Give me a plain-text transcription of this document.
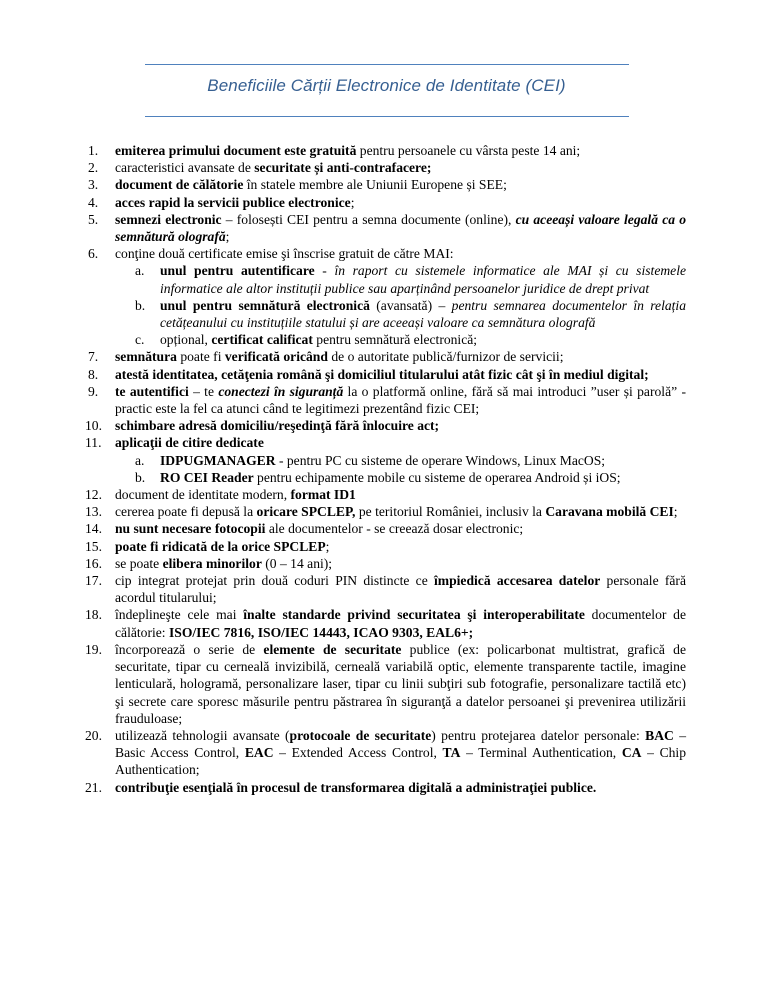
Beneficiile Cărții Electronice de Identitate (CEI)
1.	emiterea primului document este gratuită pentru persoanele cu vârsta peste 14 ani;
2.	caracteristici avansate de securitate și anti-contrafacere;
3.	document de călătorie în statele membre ale Uniunii Europene și SEE;
4.	acces rapid la servicii publice electronice;
5.	semnezi electronic – folosești CEI pentru a semna documente (online), cu aceeași valoare legală ca o semnătură olografă;
6.	conţine două certificate emise şi înscrise gratuit de către MAI:
a. unul pentru autentificare - în raport cu sistemele informatice ale MAI și cu sistemele informatice ale altor instituții publice sau aparținând persoanelor juridice de drept privat
b. unul pentru semnătură electronică (avansată) – pentru semnarea documentelor în relația cetățeanului cu instituțiile statului și are aceeași valoare ca semnătura olografă
c. opțional, certificat calificat pentru semnătură electronică;
7.	semnătura poate fi verificată oricând de o autoritate publică/furnizor de servicii;
8.	atestă identitatea, cetăţenia română şi domiciliul titularului atât fizic cât şi în mediul digital;
9.	te autentifici – te conectezi în siguranță la o platformă online, fără să mai introduci ”user și parolă” - practic este la fel ca atunci când te legitimezi prezentând fizic CEI;
10. schimbare adresă domiciliu/reşedinţă fără înlocuire act;
11. aplicaţii de citire dedicate
a. IDPUGMANAGER - pentru PC cu sisteme de operare Windows, Linux MacOS;
b. RO CEI Reader pentru echipamente mobile cu sisteme de operarea Android și iOS;
12. document de identitate modern, format ID1
13. cererea poate fi depusă la oricare SPCLEP, pe teritoriul României, inclusiv la Caravana mobilă CEI;
14. nu sunt necesare fotocopii ale documentelor - se creează dosar electronic;
15. poate fi ridicată de la orice SPCLEP;
16. se poate elibera minorilor (0 – 14 ani);
17. cip integrat protejat prin două coduri PIN distincte ce împiedică accesarea datelor personale fără acordul titularului;
18. îndeplineşte cele mai înalte standarde privind securitatea şi interoperabilitate documentelor de călătorie: ISO/IEC 7816, ISO/IEC 14443, ICAO 9303, EAL6+;
19. încorporează o serie de elemente de securitate publice (ex: policarbonat multistrat, grafică de securitate, tipar cu cerneală invizibilă, cerneală variabilă optic, elemente transparente tactile, imagine lenticulară, hologramă, personalizare laser, tipar cu linii subţiri sub fotografie, personalizare tactilă etc) şi secrete care sporesc măsurile pentru păstrarea în siguranţă a datelor persoanei şi prevenirea utilizării frauduloase;
20. utilizează tehnologii avansate (protocoale de securitate) pentru protejarea datelor personale: BAC – Basic Access Control, EAC – Extended Access Control, TA – Terminal Authentication, CA – Chip Authentication;
21. contribuţie esenţială în procesul de transformarea digitală a administraţiei publice.
